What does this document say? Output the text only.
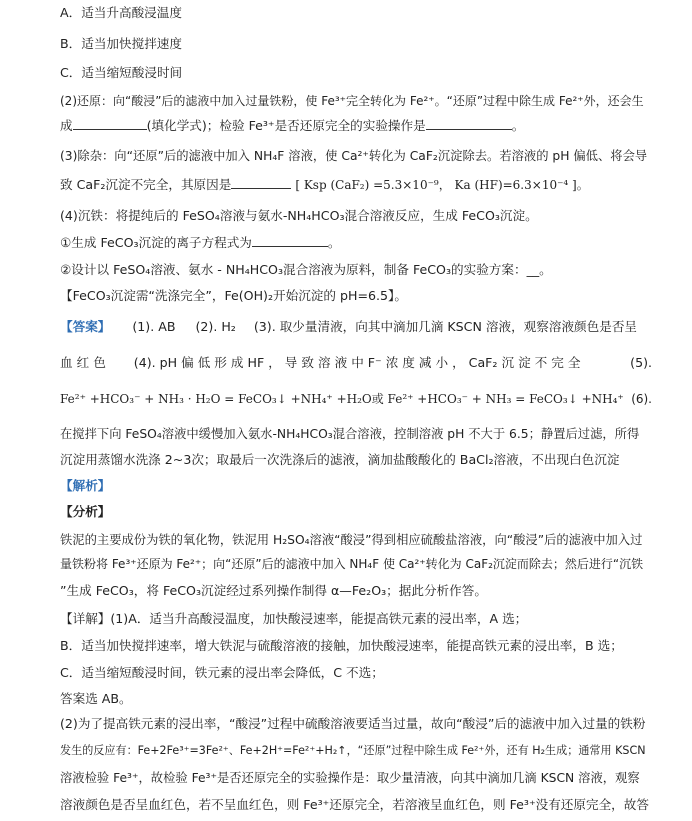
A．适当升高酸浸温度
B．适当加快搅拌速度
C．适当缩短酸浸时间
(2)还原：向“酸浸”后的滤液中加入过量铁粉，使 Fe³⁺完全转化为 Fe²⁺。“还原”过程中除生成 Fe²⁺外，还会生
成	(填化学式)；检验 Fe³⁺是否还原完全的实验操作是	。
(3)除杂：向“还原”后的滤液中加入 NH₄F 溶液，使 Ca²⁺转化为 CaF₂沉淀除去。若溶液的 pH 偏低、将会导
致 CaF₂沉淀不完全，其原因是	[ Ksp (CaF₂) =5.3×10⁻⁹， Ka (HF)=6.3×10⁻⁴ ]。
(4)沉铁：将提纯后的 FeSO₄溶液与氨水-NH₄HCO₃混合溶液反应，生成 FeCO₃沉淀。
①生成 FeCO₃沉淀的离子方程式为	。
②设计以 FeSO₄溶液、氨水 - NH₄HCO₃混合溶液为原料，制备 FeCO₃的实验方案：__。
【FeCO₃沉淀需“洗涤完全”，Fe(OH)₂开始沉淀的 pH=6.5】。
【答案】 (1). AB (2). H₂ (3). 取少量清液，向其中滴加几滴 KSCN 溶液，观察溶液颜色是否呈
血 红 色 (4). pH 偏 低 形 成 HF ， 导 致 溶 液 中 F⁻ 浓 度 减 小 ， CaF₂ 沉 淀 不 完 全	(5).
Fe²⁺ +HCO₃⁻ + NH₃ · H₂O = FeCO₃↓ +NH₄⁺ +H₂O或 Fe²⁺ +HCO₃⁻ + NH₃ = FeCO₃↓ +NH₄⁺ (6).
在搅拌下向 FeSO₄溶液中缓慢加入氨水-NH₄HCO₃混合溶液，控制溶液 pH 不大于 6.5；静置后过滤，所得
沉淀用蒸馏水洗涤 2~3次；取最后一次洗涤后的滤液，滴加盐酸酸化的 BaCl₂溶液，不出现白色沉淀
【解析】
【分析】
铁泥的主要成份为铁的氧化物，铁泥用 H₂SO₄溶液“酸浸”得到相应硫酸盐溶液，向“酸浸”后的滤液中加入过
量铁粉将 Fe³⁺还原为 Fe²⁺；向“还原”后的滤液中加入 NH₄F 使 Ca²⁺转化为 CaF₂沉淀而除去；然后进行“沉铁
”生成 FeCO₃，将 FeCO₃沉淀经过系列操作制得 α—Fe₂O₃；据此分析作答。
【详解】(1)A．适当升高酸浸温度，加快酸浸速率，能提高铁元素的浸出率，A 选；
B．适当加快搅拌速率，增大铁泥与硫酸溶液的接触，加快酸浸速率，能提高铁元素的浸出率，B 选；
C．适当缩短酸浸时间，铁元素的浸出率会降低，C 不选；
答案选 AB。
(2)为了提高铁元素的浸出率，“酸浸”过程中硫酸溶液要适当过量，故向“酸浸”后的滤液中加入过量的铁粉
发生的反应有：Fe+2Fe³⁺=3Fe²⁺、Fe+2H⁺=Fe²⁺+H₂↑，“还原”过程中除生成 Fe²⁺外，还有 H₂生成；通常用 KSCN
溶液检验 Fe³⁺，故检验 Fe³⁺是否还原完全的实验操作是：取少量清液，向其中滴加几滴 KSCN 溶液，观察
溶液颜色是否呈血红色，若不呈血红色，则 Fe³⁺还原完全，若溶液呈血红色，则 Fe³⁺没有还原完全，故答
